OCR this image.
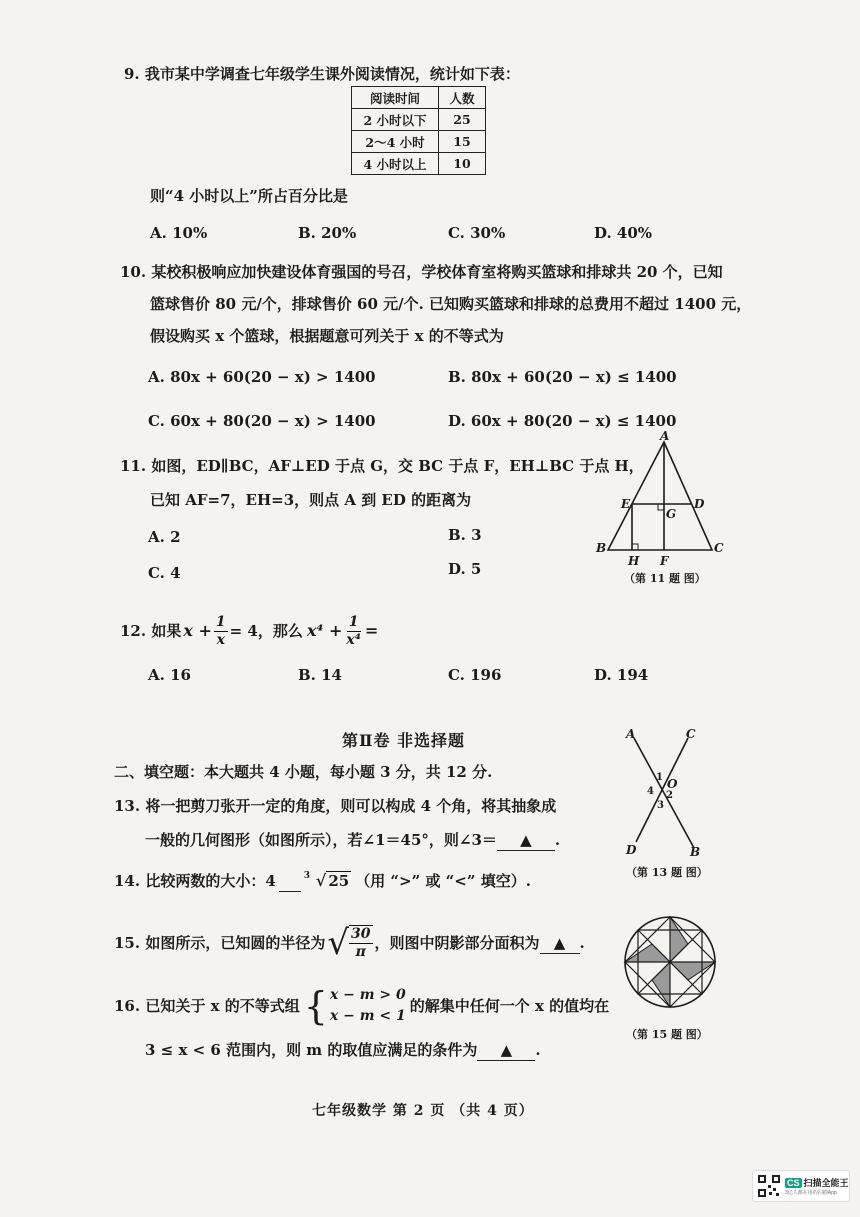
9. 我市某中学调查七年级学生课外阅读情况，统计如下表：
阅读时间	人数
2 小时以下	25
2～4 小时	15
4 小时以上	10
则“4 小时以上”所占百分比是
A. 10%	B. 20%	C. 30%	D. 40%
10. 某校积极响应加快建设体育强国的号召，学校体育室将购买篮球和排球共 20 个，已知
篮球售价 80 元/个，排球售价 60 元/个. 已知购买篮球和排球的总费用不超过 1400 元，
假设购买 x 个篮球，根据题意可列关于 x 的不等式为
A. 80x + 60(20 − x) > 1400	B. 80x + 60(20 − x) ≤ 1400
C. 60x + 80(20 − x) > 1400	D. 60x + 80(20 − x) ≤ 1400
11. 如图，ED∥BC，AF⊥ED 于点 G，交 BC 于点 F，EH⊥BC 于点 H，
已知 AF=7，EH=3，则点 A 到 ED 的距离为
A. 2	B. 3
C. 4	D. 5
A
E
G
D
B
H F
C
（第 11 题 图）
12.
如果 $x + \frac{1}{x} = 4$，那么 $x^4 + \frac{1}{\text{x⁴}}$ =
A. 16	B. 14	C. 196	D. 194
第Ⅱ卷 非选择题
二、填空题：本大题共 4 小题，每小题 3 分，共 12 分.
13. 将一把剪刀张开一定的角度，则可以构成 4 个角，将其抽象成
一般的几何图形（如图所示），若∠1＝45°，则∠3＝ ▲ .
A	C
1 O
4 2
3
D	B
（第 13 题 图）
14.
比较两数的大小：4
	3 √ 25 （用 “>” 或 “<” 填空）.
15.
如图所示，已知圆的半径为 √ $\frac{30}{\pi}$ ，则图中阴影部分面积为 ▲ .
（第 15 题 图）
16.
已知关于 x 的不等式组 { x − m > 0
x − m < 1
的解集中任何一个 x 的值均在
3 ≤ x < 6 范围内，则 m 的取值应满足的条件为 ▲ .
七年级数学 第 2 页 （共 4 页）
CS 扫描全能王
3亿人都在用的扫描App
